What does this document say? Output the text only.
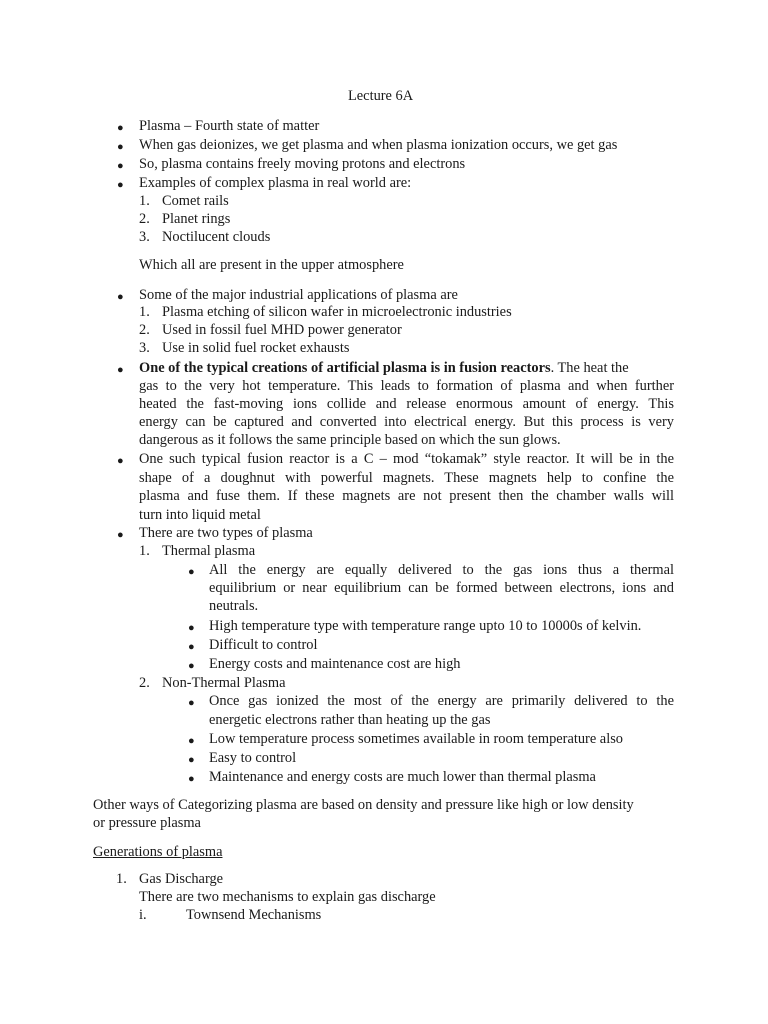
Lecture 6A
● Plasma – Fourth state of matter
● When gas deionizes, we get plasma and when plasma ionization occurs, we get gas
● So, plasma contains freely moving protons and electrons
● Examples of complex plasma in real world are:
1. Comet rails
2. Planet rings
3. Noctilucent clouds
Which all are present in the upper atmosphere
● Some of the major industrial applications of plasma are
1. Plasma etching of silicon wafer in microelectronic industries
2. Used in fossil fuel MHD power generator
3. Use in solid fuel rocket exhausts
● One of the typical creations of artificial plasma is in fusion reactors. The heat the
gas to the very hot temperature. This leads to formation of plasma and when further
heated the fast-moving ions collide and release enormous amount of energy. This
energy can be captured and converted into electrical energy. But this process is very
dangerous as it follows the same principle based on which the sun glows.
● One such typical fusion reactor is a C – mod “tokamak” style reactor. It will be in the
shape of a doughnut with powerful magnets. These magnets help to confine the
plasma and fuse them. If these magnets are not present then the chamber walls will
turn into liquid metal
● There are two types of plasma
1. Thermal plasma
● All the energy are equally delivered to the gas ions thus a thermal
equilibrium or near equilibrium can be formed between electrons, ions and
neutrals.
● High temperature type with temperature range upto 10 to 10000s of kelvin.
● Difficult to control
● Energy costs and maintenance cost are high
2. Non-Thermal Plasma
● Once gas ionized the most of the energy are primarily delivered to the
energetic electrons rather than heating up the gas
● Low temperature process sometimes available in room temperature also
● Easy to control
● Maintenance and energy costs are much lower than thermal plasma
Other ways of Categorizing plasma are based on density and pressure like high or low density
or pressure plasma
Generations of plasma
1. Gas Discharge
There are two mechanisms to explain gas discharge
i.	Townsend Mechanisms
